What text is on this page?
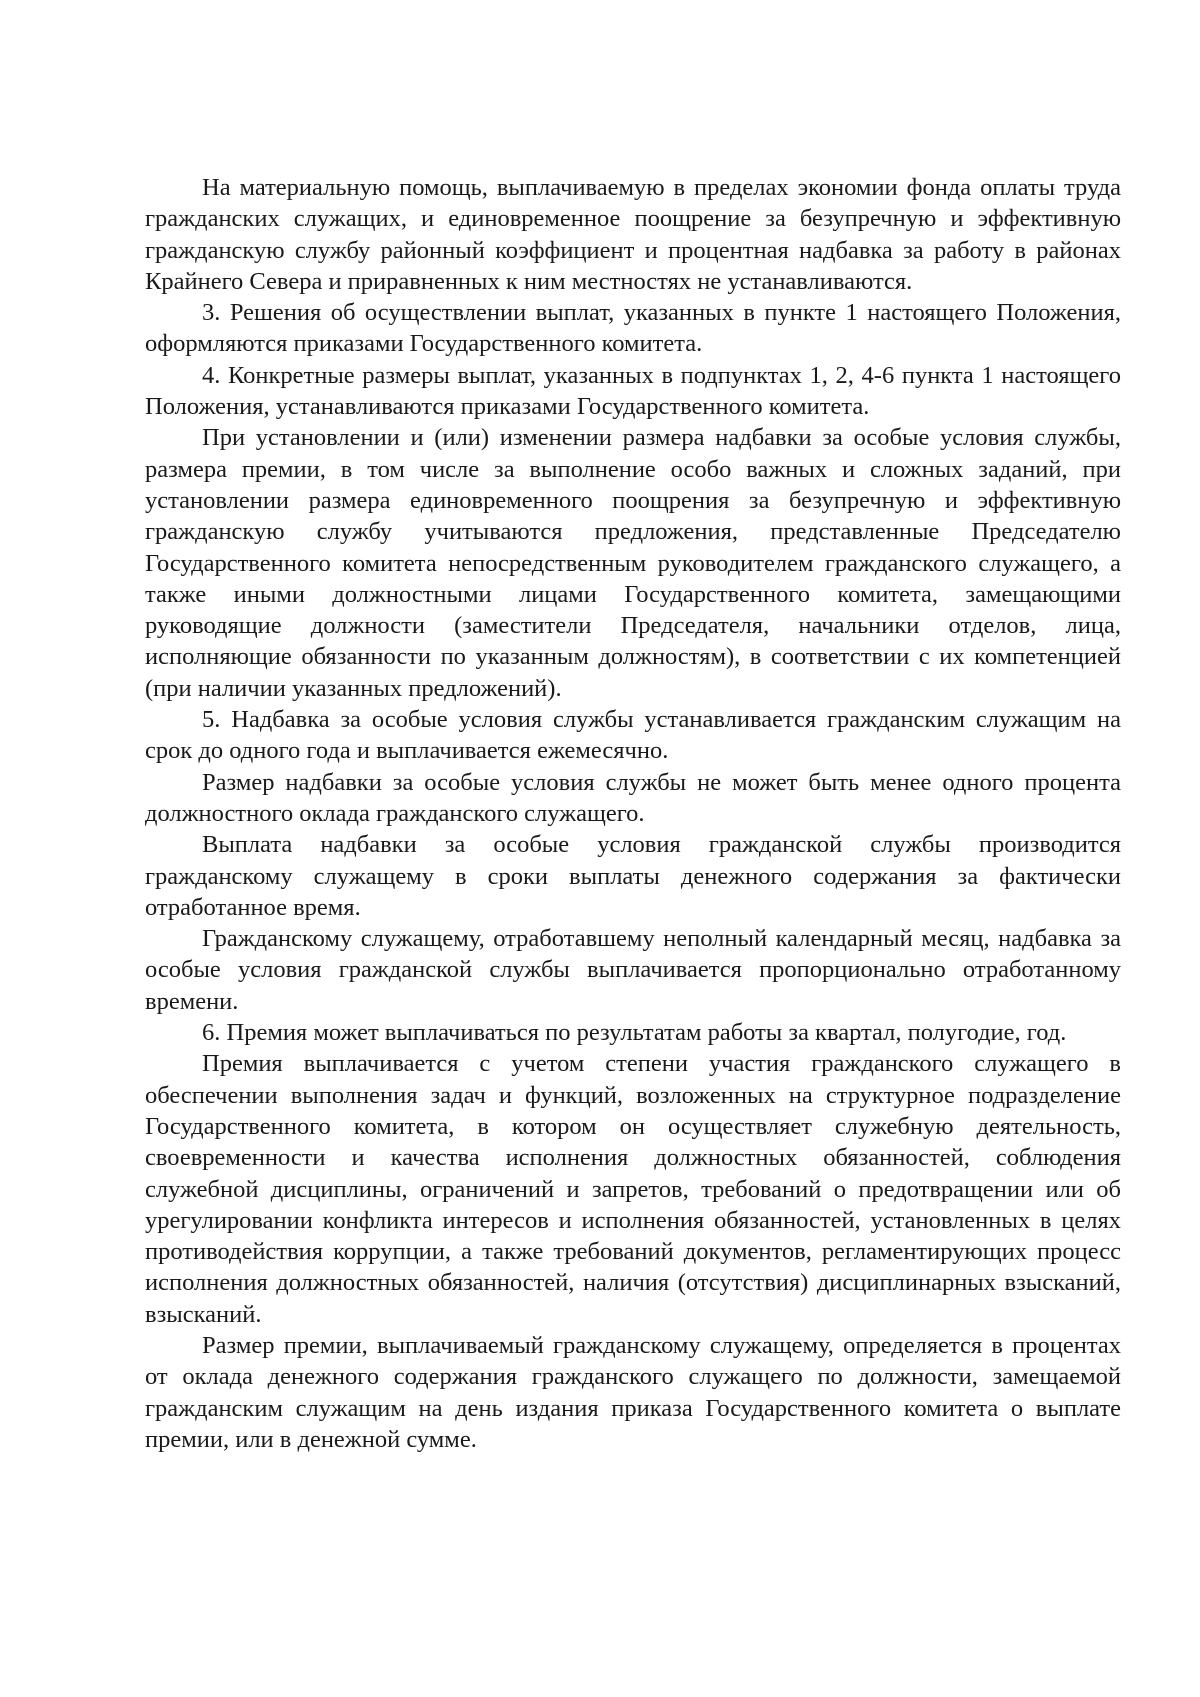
На материальную помощь, выплачиваемую в пределах экономии фонда оплаты труда гражданских служащих, и единовременное поощрение за безупречную и эффективную гражданскую службу районный коэффициент и процентная надбавка за работу в районах Крайнего Севера и приравненных к ним местностях не устанавливаются.

3. Решения об осуществлении выплат, указанных в пункте 1 настоящего Положения, оформляются приказами Государственного комитета.

4. Конкретные размеры выплат, указанных в подпунктах 1, 2, 4-6 пункта 1 настоящего Положения, устанавливаются приказами Государственного комитета.

При установлении и (или) изменении размера надбавки за особые условия службы, размера премии, в том числе за выполнение особо важных и сложных заданий, при установлении размера единовременного поощрения за безупречную и эффективную гражданскую службу учитываются предложения, представленные Председателю Государственного комитета непосредственным руководителем гражданского служащего, а также иными должностными лицами Государственного комитета, замещающими руководящие должности (заместители Председателя, начальники отделов, лица, исполняющие обязанности по указанным должностям), в соответствии с их компетенцией (при наличии указанных предложений).

5. Надбавка за особые условия службы устанавливается гражданским служащим на срок до одного года и выплачивается ежемесячно.

Размер надбавки за особые условия службы не может быть менее одного процента должностного оклада гражданского служащего.

Выплата надбавки за особые условия гражданской службы производится гражданскому служащему в сроки выплаты денежного содержания за фактически отработанное время.

Гражданскому служащему, отработавшему неполный календарный месяц, надбавка за особые условия гражданской службы выплачивается пропорционально отработанному времени.

6. Премия может выплачиваться по результатам работы за квартал, полугодие, год.

Премия выплачивается с учетом степени участия гражданского служащего в обеспечении выполнения задач и функций, возложенных на структурное подразделение Государственного комитета, в котором он осуществляет служебную деятельность, своевременности и качества исполнения должностных обязанностей, соблюдения служебной дисциплины, ограничений и запретов, требований о предотвращении или об урегулировании конфликта интересов и исполнения обязанностей, установленных в целях противодействия коррупции, а также требований документов, регламентирующих процесс исполнения должностных обязанностей, наличия (отсутствия) дисциплинарных взысканий, взысканий.

Размер премии, выплачиваемый гражданскому служащему, определяется в процентах от оклада денежного содержания гражданского служащего по должности, замещаемой гражданским служащим на день издания приказа Государственного комитета о выплате премии, или в денежной сумме.
